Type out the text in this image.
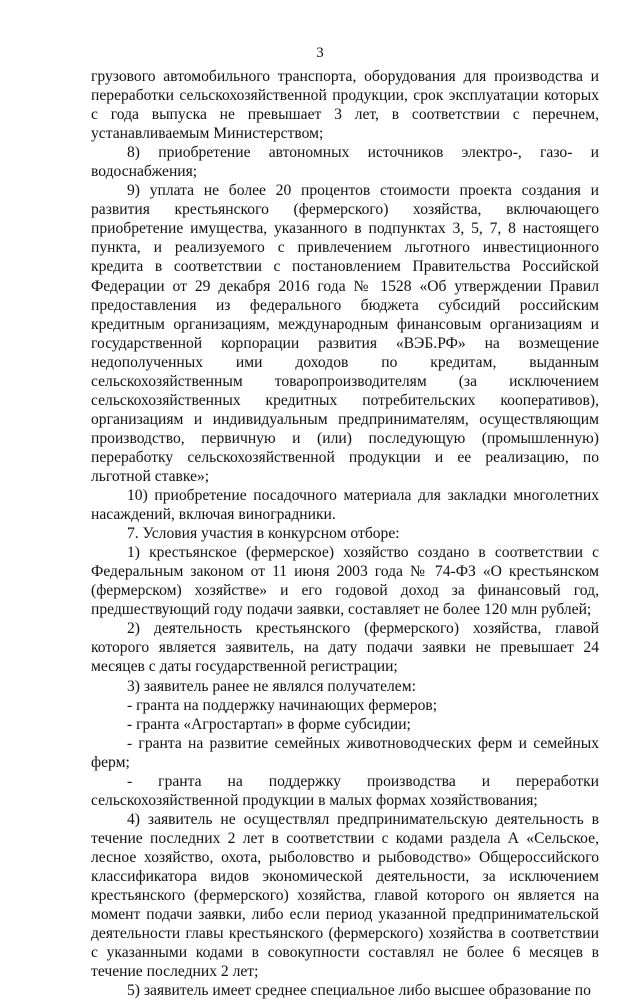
3

грузового автомобильного транспорта, оборудования для производства и переработки сельскохозяйственной продукции, срок эксплуатации которых с года выпуска не превышает 3 лет, в соответствии с перечнем, устанавливаемым Министерством;

8) приобретение автономных источников электро-, газо- и водоснабжения;

9) уплата не более 20 процентов стоимости проекта создания и развития крестьянского (фермерского) хозяйства, включающего приобретение имущества, указанного в подпунктах 3, 5, 7, 8 настоящего пункта, и реализуемого с привлечением льготного инвестиционного кредита в соответствии с постановлением Правительства Российской Федерации от 29 декабря 2016 года № 1528 «Об утверждении Правил предоставления из федерального бюджета субсидий российским кредитным организациям, международным финансовым организациям и государственной корпорации развития «ВЭБ.РФ» на возмещение недополученных ими доходов по кредитам, выданным сельскохозяйственным товаропроизводителям (за исключением сельскохозяйственных кредитных потребительских кооперативов), организациям и индивидуальным предпринимателям, осуществляющим производство, первичную и (или) последующую (промышленную) переработку сельскохозяйственной продукции и ее реализацию, по льготной ставке»;

10) приобретение посадочного материала для закладки многолетних насаждений, включая виноградники.

7. Условия участия в конкурсном отборе:

1) крестьянское (фермерское) хозяйство создано в соответствии с Федеральным законом от 11 июня 2003 года № 74-ФЗ «О крестьянском (фермерском) хозяйстве» и его годовой доход за финансовый год, предшествующий году подачи заявки, составляет не более 120 млн рублей;

2) деятельность крестьянского (фермерского) хозяйства, главой которого является заявитель, на дату подачи заявки не превышает 24 месяцев с даты государственной регистрации;

3) заявитель ранее не являлся получателем:

- гранта на поддержку начинающих фермеров;

- гранта «Агростартап» в форме субсидии;

- гранта на развитие семейных животноводческих ферм и семейных ферм;

- гранта на поддержку производства и переработки сельскохозяйственной продукции в малых формах хозяйствования;

4) заявитель не осуществлял предпринимательскую деятельность в течение последних 2 лет в соответствии с кодами раздела А «Сельское, лесное хозяйство, охота, рыболовство и рыбоводство» Общероссийского классификатора видов экономической деятельности, за исключением крестьянского (фермерского) хозяйства, главой которого он является на момент подачи заявки, либо если период указанной предпринимательской деятельности главы крестьянского (фермерского) хозяйства в соответствии с указанными кодами в совокупности составлял не более 6 месяцев в течение последних 2 лет;

5) заявитель имеет среднее специальное либо высшее образование по
